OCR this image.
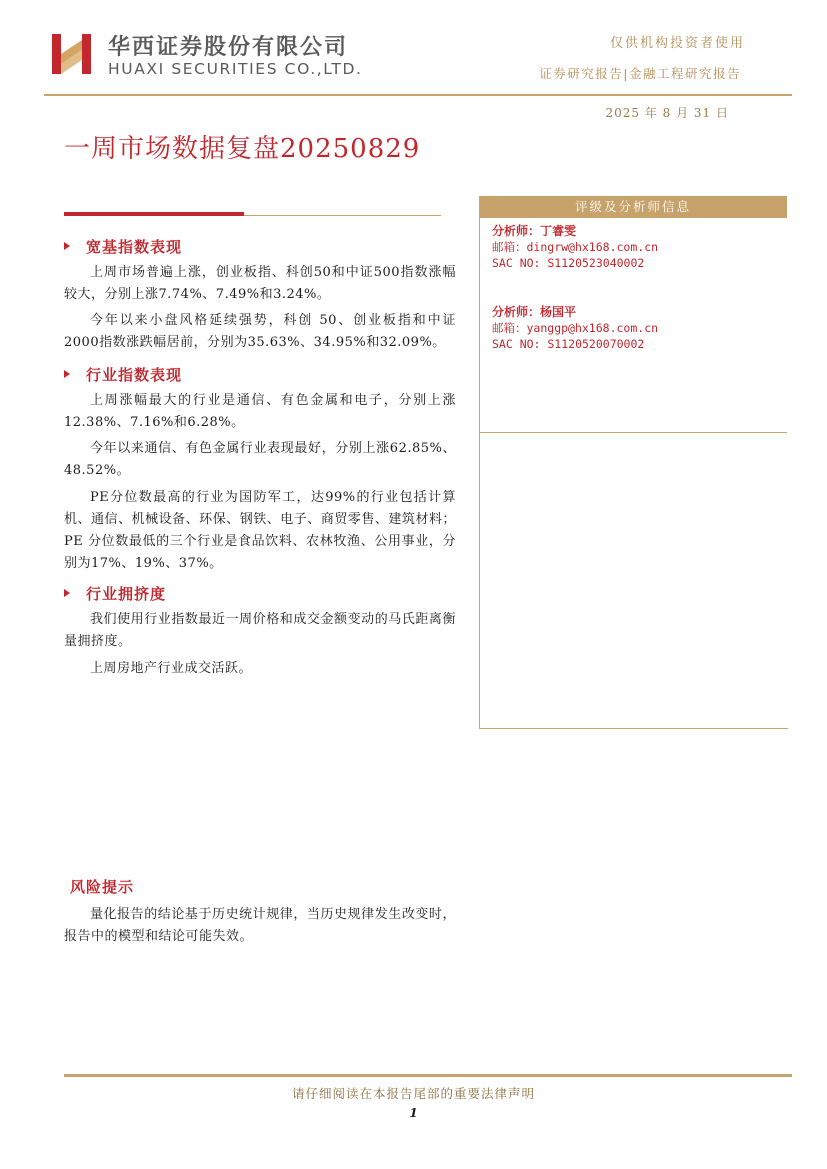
华西证券股份有限公司
HUAXI SECURITIES CO.,LTD.
仅供机构投资者使用
证券研究报告|金融工程研究报告
2025 年 8 月 31 日
一周市场数据复盘20250829
宽基指数表现
上周市场普遍上涨，创业板指、科创50和中证500指数涨幅较大，分别上涨7.74%、7.49%和3.24%。
今年以来小盘风格延续强势，科创 50、创业板指和中证2000指数涨跌幅居前，分别为35.63%、34.95%和32.09%。
行业指数表现
上周涨幅最大的行业是通信、有色金属和电子，分别上涨12.38%、7.16%和6.28%。
今年以来通信、有色金属行业表现最好，分别上涨62.85%、48.52%。
PE分位数最高的行业为国防军工，达99%的行业包括计算机、通信、机械设备、环保、钢铁、电子、商贸零售、建筑材料；PE 分位数最低的三个行业是食品饮料、农林牧渔、公用事业，分别为17%、19%、37%。
行业拥挤度
我们使用行业指数最近一周价格和成交金额变动的马氏距离衡量拥挤度。
上周房地产行业成交活跃。
评级及分析师信息
分析师：丁睿雯
邮箱：dingrw@hx168.com.cn
SAC NO: S1120523040002
分析师：杨国平
邮箱：yanggp@hx168.com.cn
SAC NO: S1120520070002
风险提示
量化报告的结论基于历史统计规律，当历史规律发生改变时，报告中的模型和结论可能失效。
请仔细阅读在本报告尾部的重要法律声明
1
